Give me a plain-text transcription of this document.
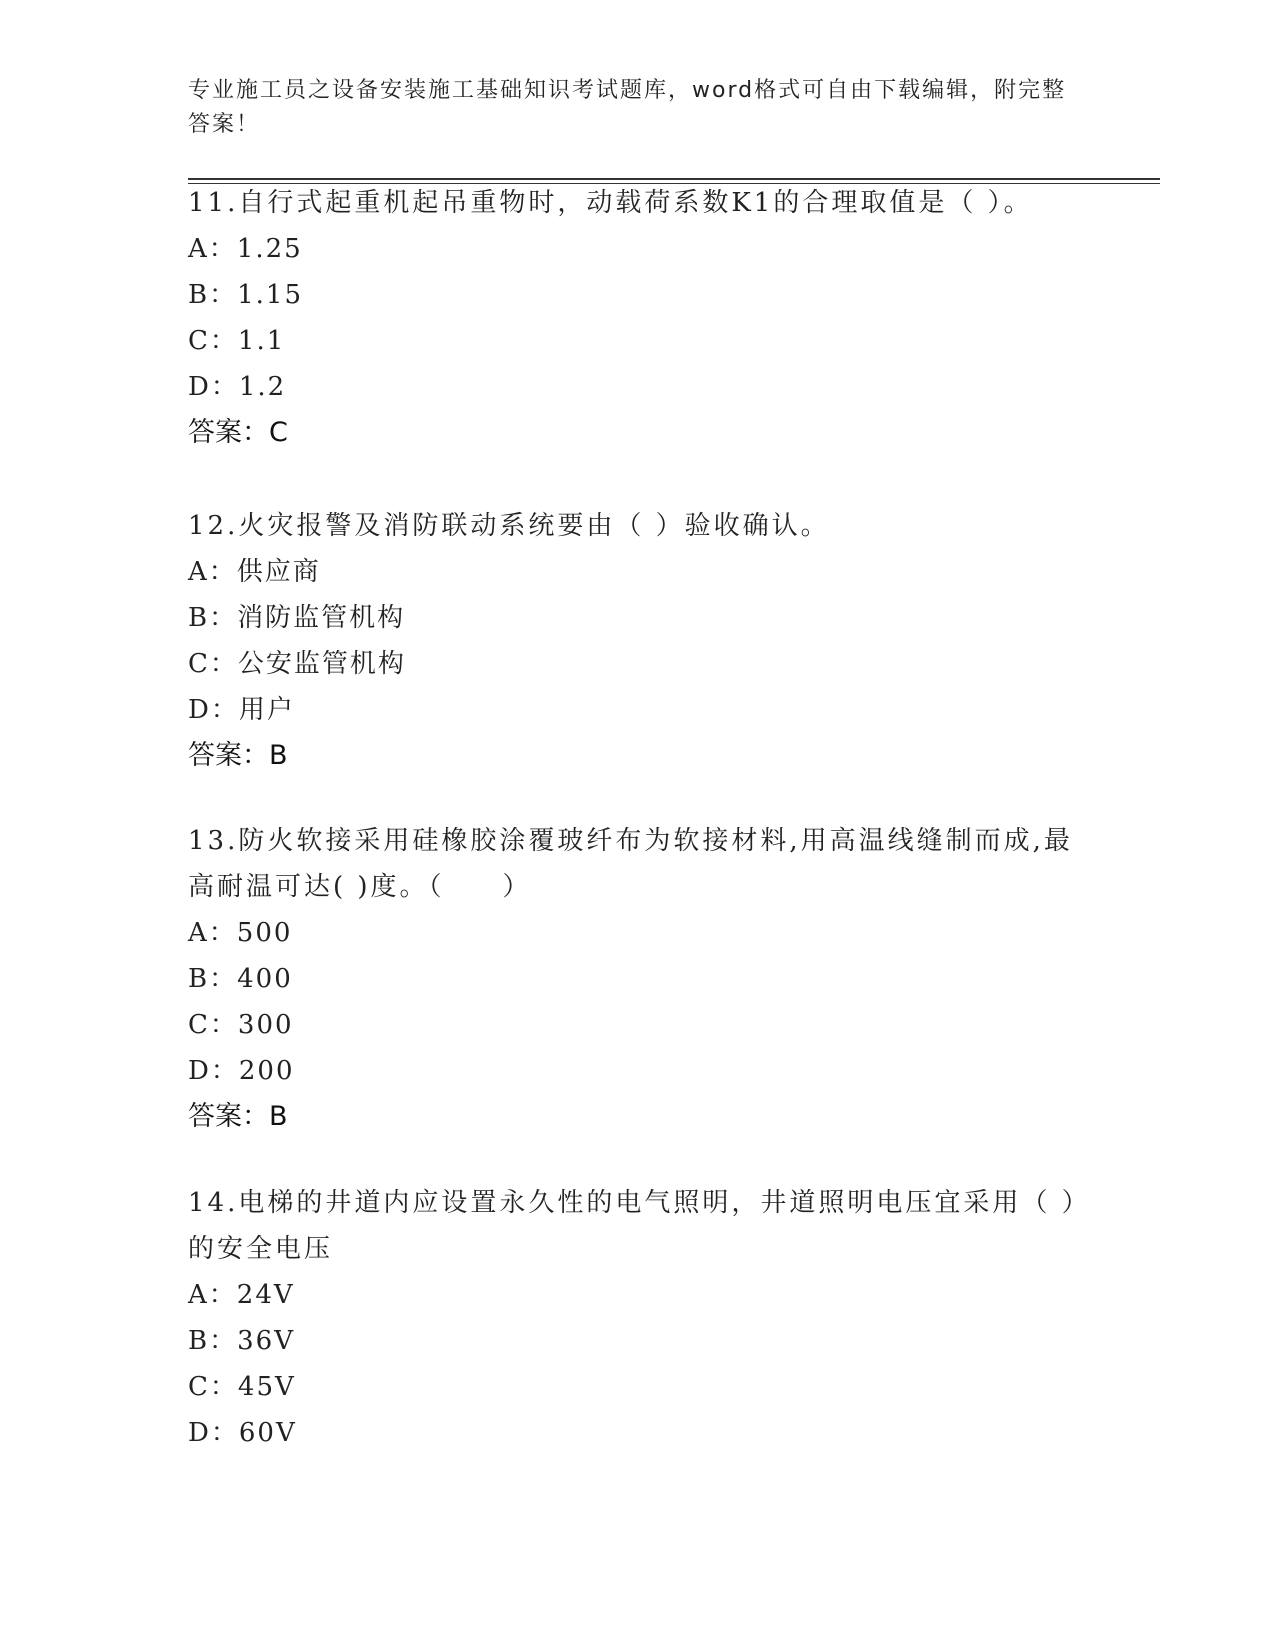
专业施工员之设备安装施工基础知识考试题库，word格式可自由下载编辑，附完整答案！

11.自行式起重机起吊重物时，动载荷系数K1的合理取值是（ ）。

A：1.25

B：1.15

C：1.1

D：1.2

答案：C

12.火灾报警及消防联动系统要由（ ）验收确认。

A：供应商

B：消防监管机构

C：公安监管机构

D：用户

答案：B

13.防火软接采用硅橡胶涂覆玻纤布为软接材料,用高温线缝制而成,最高耐温可达( )度。（　　）

A：500

B：400

C：300

D：200

答案：B

14.电梯的井道内应设置永久性的电气照明，井道照明电压宜采用（ ）的安全电压

A：24V

B：36V

C：45V

D：60V
